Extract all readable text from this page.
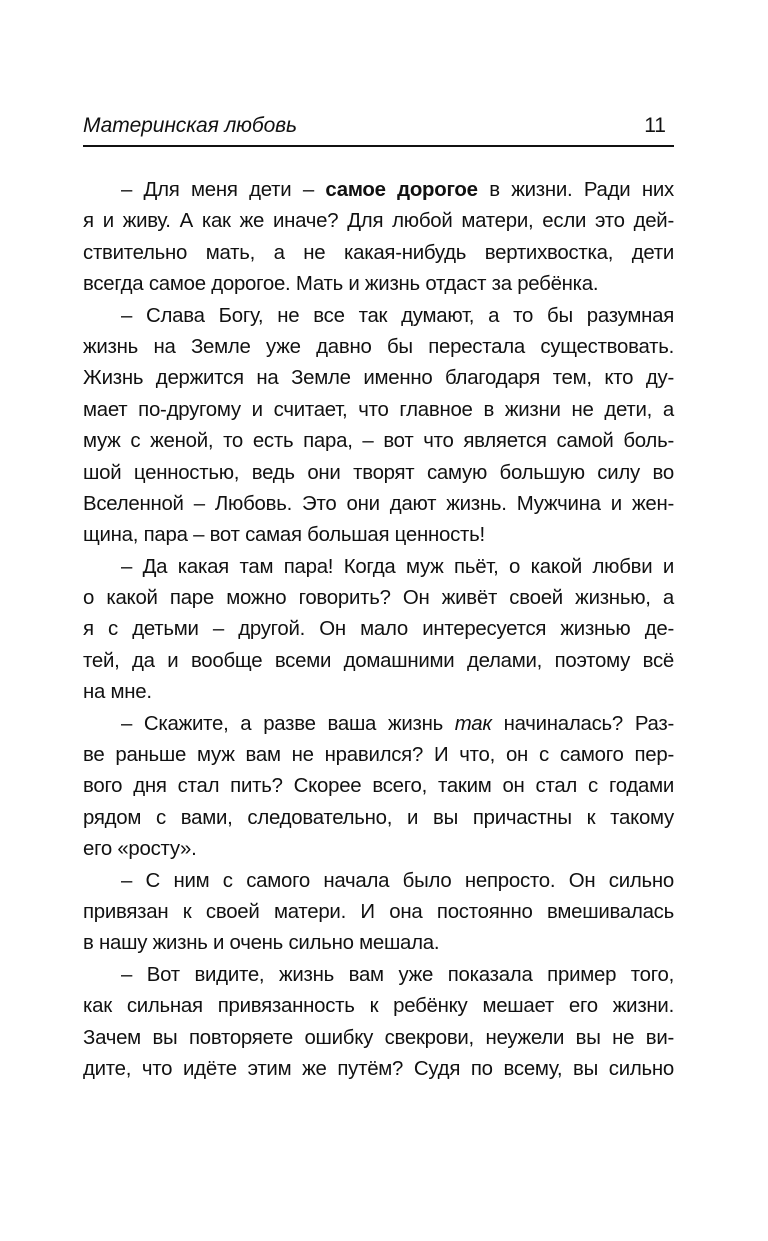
Материнская любовь	11
– Для меня дети – самое дорогое в жизни. Ради них
я и живу. А как же иначе? Для любой матери, если это дей-
ствительно мать, а не какая-нибудь вертихвостка, дети
всегда самое дорогое. Мать и жизнь отдаст за ребёнка.
– Слава Богу, не все так думают, а то бы разумная
жизнь на Земле уже давно бы перестала существовать.
Жизнь держится на Земле именно благодаря тем, кто ду-
мает по-другому и считает, что главное в жизни не дети, а
муж с женой, то есть пара, – вот что является самой боль-
шой ценностью, ведь они творят самую большую силу во
Вселенной – Любовь. Это они дают жизнь. Мужчина и жен-
щина, пара – вот самая большая ценность!
– Да какая там пара! Когда муж пьёт, о какой любви и
о какой паре можно говорить? Он живёт своей жизнью, а
я с детьми – другой. Он мало интересуется жизнью де-
тей, да и вообще всеми домашними делами, поэтому всё
на мне.
– Скажите, а разве ваша жизнь так начиналась? Раз-
ве раньше муж вам не нравился? И что, он с самого пер-
вого дня стал пить? Скорее всего, таким он стал с годами
рядом с вами, следовательно, и вы причастны к такому
его «росту».
– С ним с самого начала было непросто. Он сильно
привязан к своей матери. И она постоянно вмешивалась
в нашу жизнь и очень сильно мешала.
– Вот видите, жизнь вам уже показала пример того,
как сильная привязанность к ребёнку мешает его жизни.
Зачем вы повторяете ошибку свекрови, неужели вы не ви-
дите, что идёте этим же путём? Судя по всему, вы сильно
